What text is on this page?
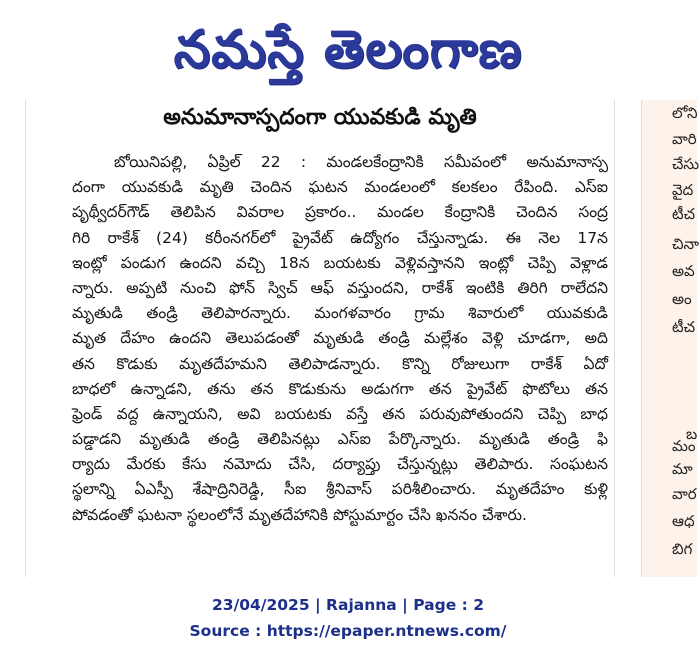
నమస్తే తెలంగాణ
అనుమానాస్పదంగా యువకుడి మృతి
బోయినిపల్లి, ఏప్రిల్ 22 : మండలకేంద్రానికి సమీపంలో అనుమానాస్ప
దంగా యువకుడి మృతి చెందిన ఘటన మండలంలో కలకలం రేపింది. ఎస్ఐ
పృథ్వీదర్‌గౌడ్ తెలిపిన వివరాల ప్రకారం.. మండల కేంద్రానికి చెందిన సంద్ర
గిరి రాకేశ్ (24) కరీంనగర్‌లో ప్రైవేట్ ఉద్యోగం చేస్తున్నాడు. ఈ నెల 17న
ఇంట్లో పండుగ ఉందని వచ్చి 18న బయటకు వెళ్లివస్తానని ఇంట్లో చెప్పి వెళ్లాడ
న్నారు. అప్పటి నుంచి ఫోన్ స్విచ్ ఆఫ్ వస్తుందని, రాకేశ్ ఇంటికి తిరిగి రాలేదని
మృతుడి తండ్రి తెలిపారన్నారు. మంగళవారం గ్రామ శివారులో యువకుడి
మృత దేహం ఉందని తెలుపడంతో మృతుడి తండ్రి మల్లేశం వెళ్లి చూడగా, అది
తన కొడుకు మృతదేహమని తెలిపాడన్నారు. కొన్ని రోజులుగా రాకేశ్ ఏదో
బాధలో ఉన్నాడని, తను తన కొడుకును అడుగగా తన ప్రైవేట్ ఫొటోలు తన
ఫ్రెండ్ వద్ద ఉన్నాయని, అవి బయటకు వస్తే తన పరువుపోతుందని చెప్పి బాధ
పడ్డాడని మృతుడి తండ్రి తెలిపినట్లు ఎస్ఐ పేర్కొన్నారు. మృతుడి తండ్రి ఫి
ర్యాదు మేరకు కేసు నమోదు చేసి, దర్యాప్తు చేస్తున్నట్లు తెలిపారు. సంఘటన
స్థలాన్ని ఏఎస్పీ శేషాద్రినిరెడ్డి, సీఐ శ్రీనివాస్ పరిశీలించారు. మృతదేహం కుళ్లి
పోవడంతో ఘటనా స్థలంలోనే మృతదేహానికి పోస్టుమార్టం చేసి ఖననం చేశారు.
లోని
వారి
చేసు
వైద
టీచ
చినా
అవ
అం
టీచ
బ
మం
మా
వార
ఆధ
బిగ
23/04/2025 | Rajanna | Page : 2
Source : https://epaper.ntnews.com/
